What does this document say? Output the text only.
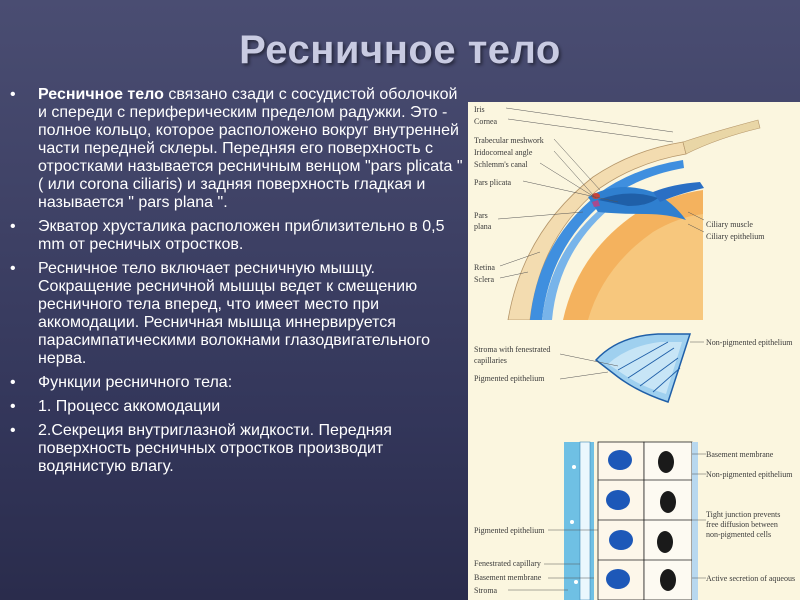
Ресничное тело
• Ресничное тело связано сзади с сосудистой оболочкой и спереди с периферическим пределом радужки. Это - полное кольцо, которое расположено вокруг внутренней части передней склеры. Передняя его поверхность с отростками называется ресничным венцом "pars plicata "( или corona ciliaris) и задняя поверхность гладкая и называется " pars plana ".
• Экватор хрусталика расположен приблизительно в 0,5 mm от ресничых отростков.
• Ресничное тело включает ресничную мышцу. Сокращение ресничной мышцы ведет к смещению ресничного тела вперед, что имеет место при аккомодации. Ресничная мышца иннервируется парасимпатическими волокнами глазодвигательного нерва.
• Функции ресничного тела:
• 1. Процесс аккомодации
• 2.Секреция внутриглазной жидкости. Передняя поверхность ресничных отростков производит водянистую влагу.
Iris
Cornea
Trabecular meshwork
Iridocorneal angle
Schlemm's canal
Pars plicata
Pars
plana
Retina
Sclera
Ciliary muscle
Ciliary epithelium
Stroma with fenestrated
capillaries
Pigmented epithelium
Non-pigmented epithelium
Basement membrane
Non-pigmented epithelium
Tight junction prevents
free diffusion between
non-pigmented cells
Active secretion of aqueous
Pigmented epithelium
Fenestrated capillary
Basement membrane
Stroma
